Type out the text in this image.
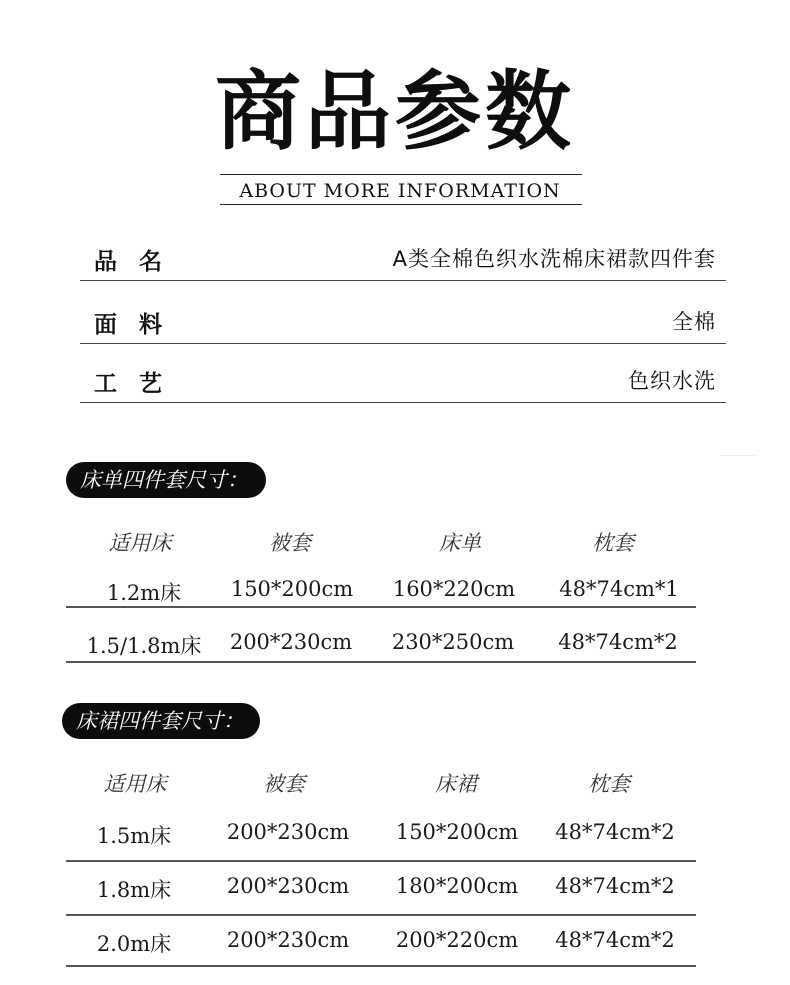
商品参数
ABOUT MORE INFORMATION
品名	A类全棉色织水洗棉床裙款四件套
面料	全棉
工艺	色织水洗
床单四件套尺寸：
适用床	被套	床单	枕套
1.2m床 150*200cm 160*220cm 48*74cm*1
1.5/1.8m床 200*230cm 230*250cm 48*74cm*2
床裙四件套尺寸：
适用床	被套	床裙	枕套
1.5m床	200*230cm 150*200cm 48*74cm*2
1.8m床	200*230cm 180*200cm 48*74cm*2
2.0m床	200*230cm 200*220cm 48*74cm*2
